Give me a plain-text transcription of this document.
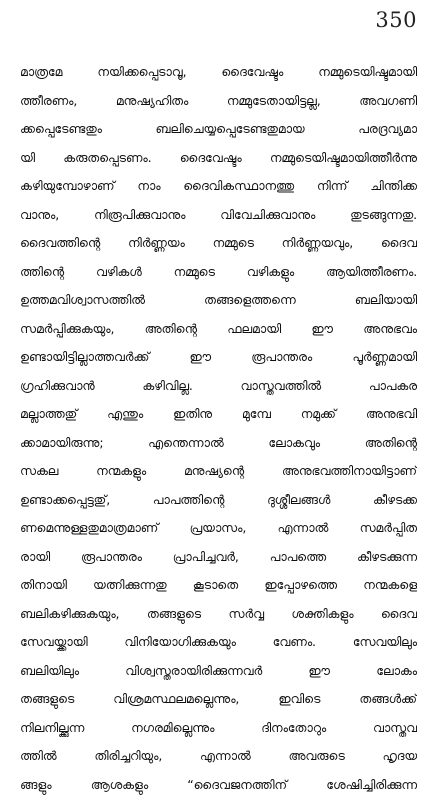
350
മാത്രമേ നയിക്കപ്പെടാവൂ, ദൈവേഷ്ടം നമ്മുടെയിഷ്ടമായി
ത്തീരണം, മനുഷ്യഹിതം നമ്മുടേതായിട്ടല്ല, അവഗണി
ക്കപ്പെടേണ്ടതും ബലിചെയ്യപ്പെടേണ്ടതുമായ പരദ്രവ്യമാ
യി കരുതപ്പെടണം. ദൈവേഷ്ടം നമ്മുടെയിഷ്ടമായിത്തീർന്നു
കഴിയുമ്പോഴാണ് നാം ദൈവികസ്ഥാനത്തു നിന്ന് ചിന്തിക്ക
വാനും, നിരൂപിക്കുവാനും വിവേചിക്കുവാനും തുടങ്ങുന്നതു.
ദൈവത്തിന്റെ നിർണ്ണയം നമ്മുടെ നിർണ്ണയവും, ദൈവ
ത്തിന്റെ വഴികൾ നമ്മുടെ വഴികളും ആയിത്തീരണം.
ഉത്തമവിശ്വാസത്തിൽ തങ്ങളെത്തന്നെ ബലിയായി
സമർപ്പിക്കുകയും, അതിന്റെ ഫലമായി ഈ അനുഭവം
ഉണ്ടായിട്ടില്ലാത്തവർക്ക് ഈ രൂപാന്തരം പൂർണ്ണമായി
ഗ്രഹിക്കുവാൻ കഴിവില്ല. വാസ്തവത്തിൽ പാപകര
മല്ലാത്തതു് എന്തും ഇതിനു മുമ്പേ നമുക്ക് അനുഭവി
ക്കാമായിരുന്നു; എന്തെന്നാൽ ലോകവും അതിന്റെ
സകല നന്മകളും മനുഷ്യന്റെ അനുഭവത്തിനായിട്ടാണ്
ഉണ്ടാക്കപ്പെട്ടതു്, പാപത്തിന്റെ ദുശ്ശീലങ്ങൾ കീഴടക്ക
ണമെന്നുള്ളതുമാത്രമാണ് പ്രയാസം, എന്നാൽ സമർപ്പിത
രായി രൂപാന്തരം പ്രാപിച്ചവർ, പാപത്തെ കീഴടക്കുന്ന
തിനായി യത്നിക്കുന്നതു കൂടാതെ ഇപ്പോഴത്തെ നന്മകളെ
ബലികഴിക്കുകയും, തങ്ങളുടെ സർവ്വ ശക്തികളും ദൈവ
സേവയ്ക്കായി വിനിയോഗിക്കുകയും വേണം. സേവയിലും
ബലിയിലും വിശ്വസ്തരായിരിക്കുന്നവർ ഈ ലോകം
തങ്ങളുടെ വിശ്രമസ്ഥലമല്ലെന്നും, ഇവിടെ തങ്ങൾക്ക്
നിലനില്ക്കുന്ന നഗരമില്ലെന്നും ദിനംതോറും വാസ്തവ
ത്തിൽ തിരിച്ചറിയും, എന്നാൽ അവരുടെ ഹൃദയ
ങ്ങളും ആശകളും “ദൈവജനത്തിന് ശേഷിച്ചിരിക്കുന്ന
